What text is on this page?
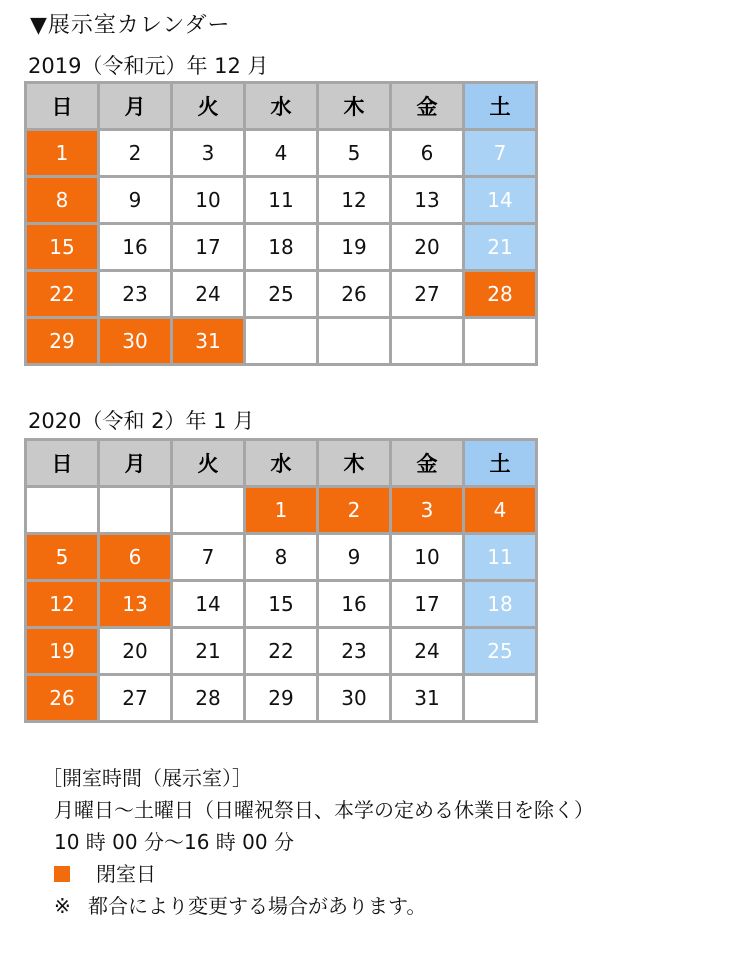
▼展示室カレンダー
2019（令和元）年 12 月
日	月	火	水	木	金	土
1	2	3	4	5	6	7
8	9	10	11	12	13	14
15	16	17	18	19	20	21
22	23	24	25	26	27	28
29	30	31				
2020（令和 2）年 1 月
日	月	火	水	木	金	土
			1	2	3	4
5	6	7	8	9	10	11
12	13	14	15	16	17	18
19	20	21	22	23	24	25
26	27	28	29	30	31	
［開室時間（展示室）］
月曜日～土曜日（日曜祝祭日、本学の定める休業日を除く）
10 時 00 分～16 時 00 分
閉室日
※ 都合により変更する場合があります。
